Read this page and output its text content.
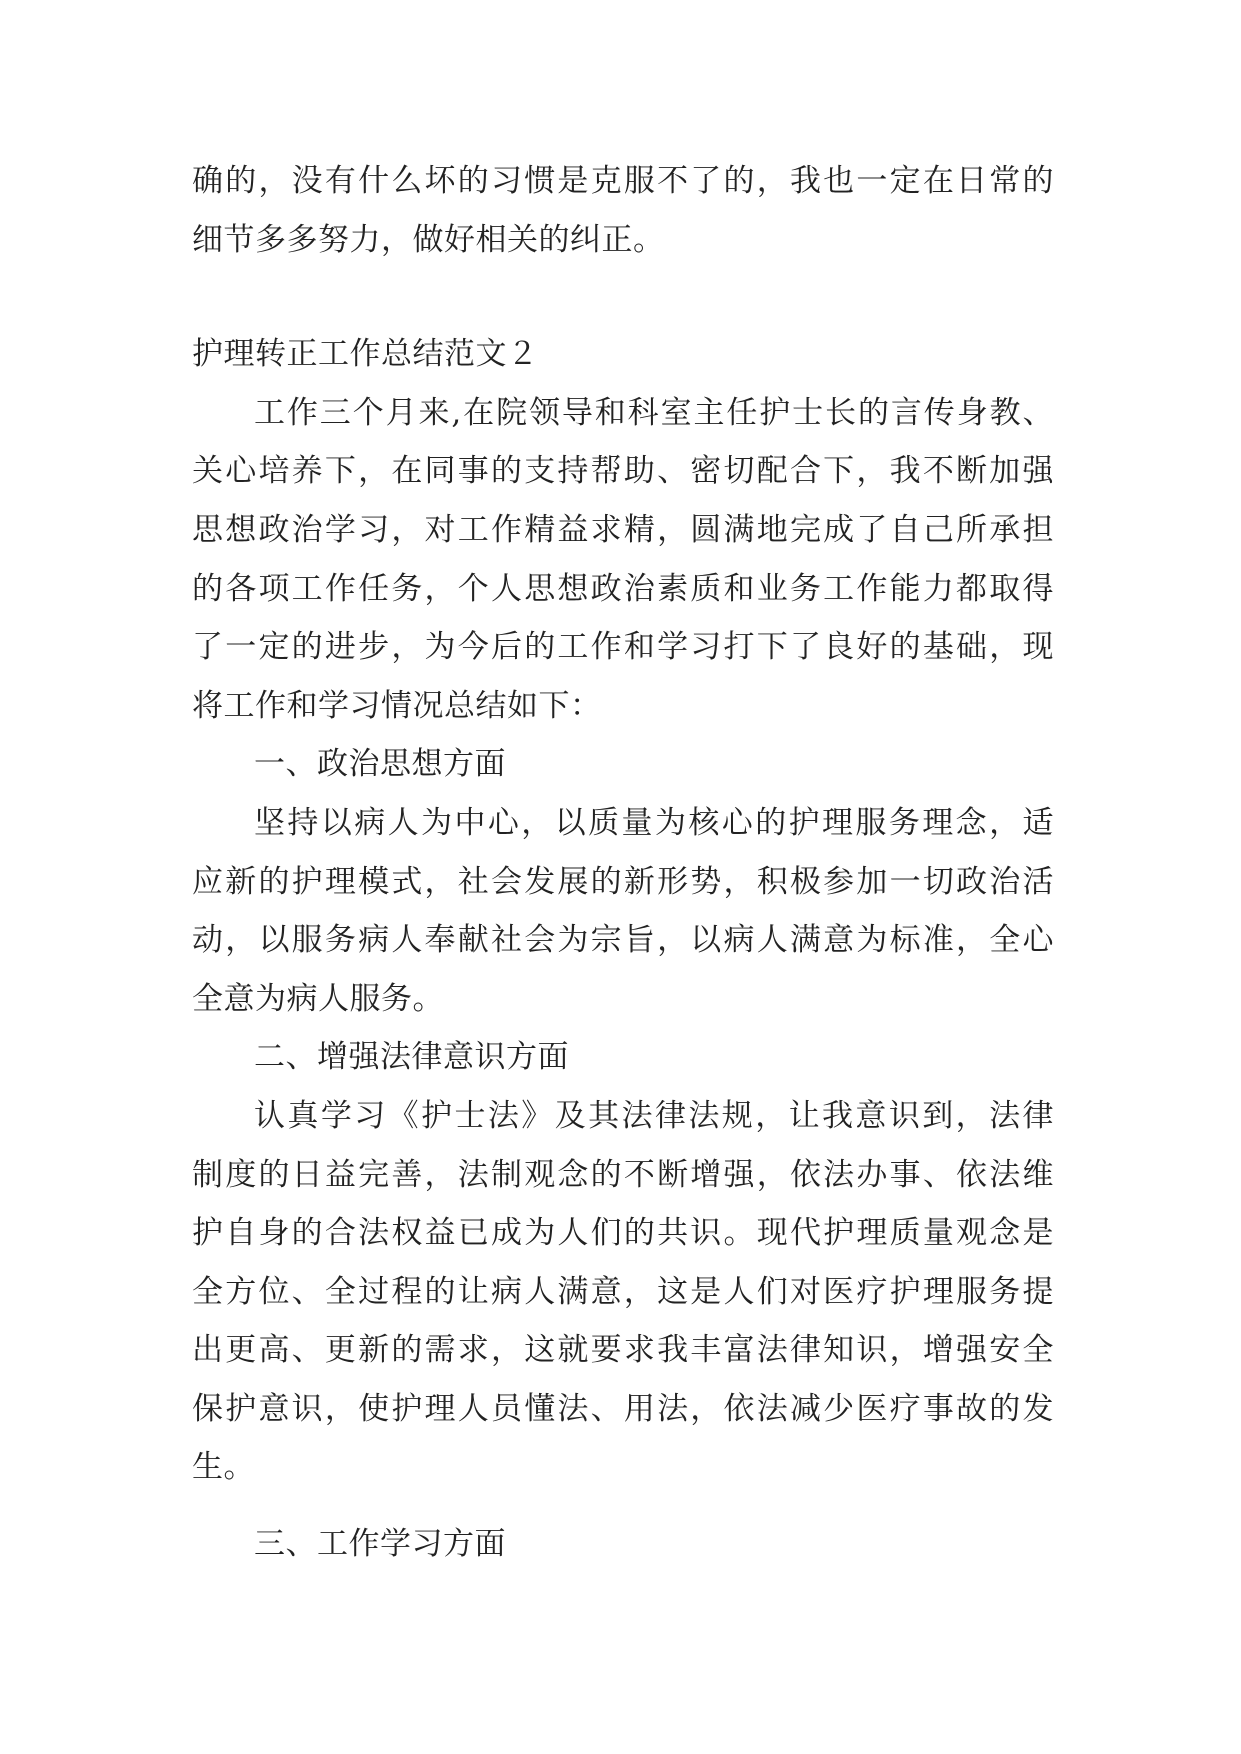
确的，没有什么坏的习惯是克服不了的，我也一定在日常的
细节多多努力，做好相关的纠正。
护理转正工作总结范文２
工作三个月来,在院领导和科室主任护士长的言传身教、
关心培养下，在同事的支持帮助、密切配合下，我不断加强
思想政治学习，对工作精益求精，圆满地完成了自己所承担
的各项工作任务，个人思想政治素质和业务工作能力都取得
了一定的进步，为今后的工作和学习打下了良好的基础，现
将工作和学习情况总结如下：
一、政治思想方面
坚持以病人为中心，以质量为核心的护理服务理念，适
应新的护理模式，社会发展的新形势，积极参加一切政治活
动，以服务病人奉献社会为宗旨，以病人满意为标准，全心
全意为病人服务。
二、增强法律意识方面
认真学习《护士法》及其法律法规，让我意识到，法律
制度的日益完善，法制观念的不断增强，依法办事、依法维
护自身的合法权益已成为人们的共识。现代护理质量观念是
全方位、全过程的让病人满意，这是人们对医疗护理服务提
出更高、更新的需求，这就要求我丰富法律知识，增强安全
保护意识，使护理人员懂法、用法，依法减少医疗事故的发
生。
三、工作学习方面
